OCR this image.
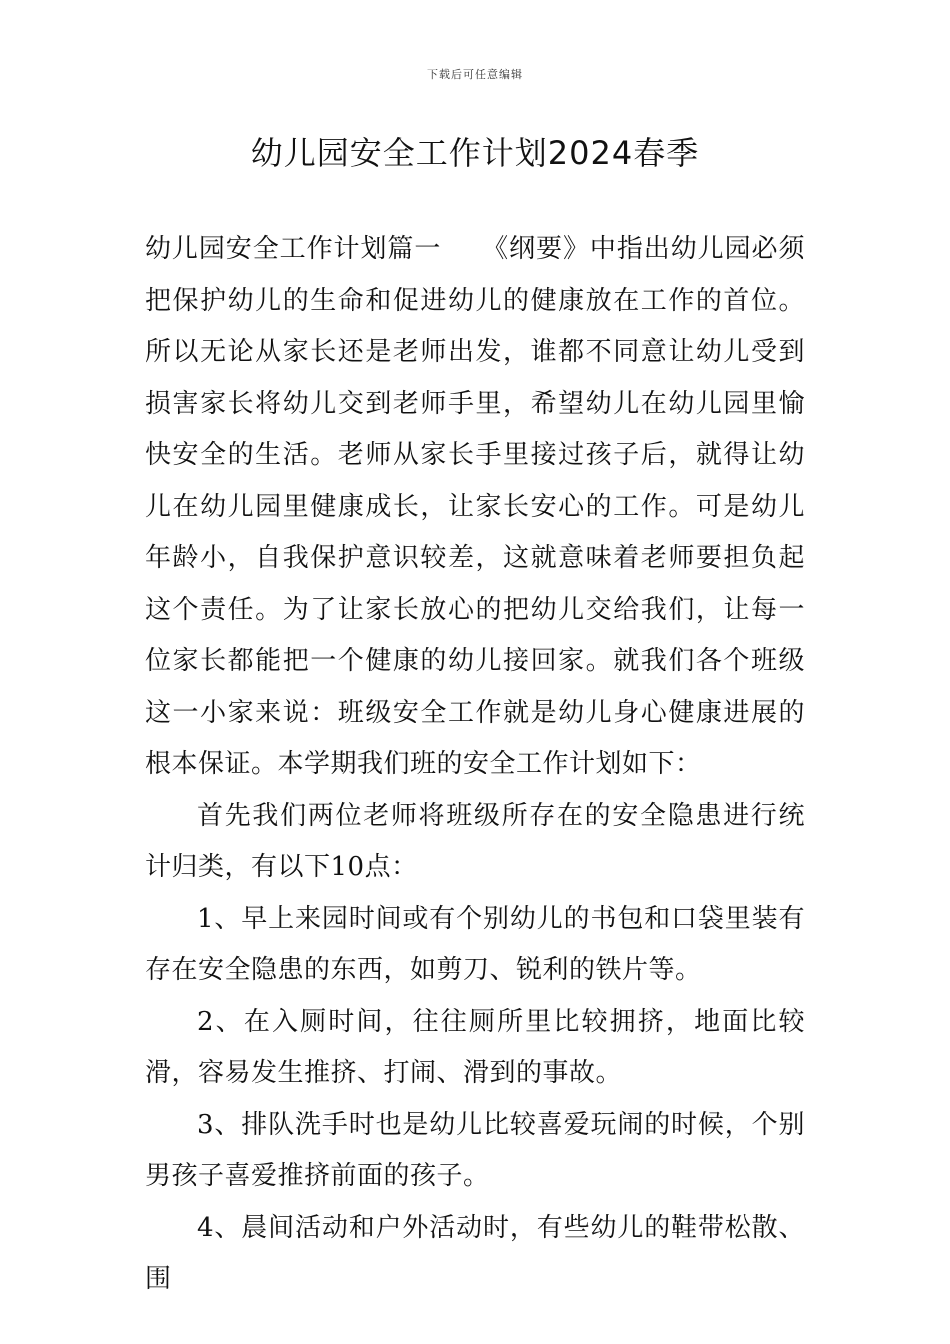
下载后可任意编辑
幼儿园安全工作计划2024春季

幼儿园安全工作计划篇一　　《纲要》中指出幼儿园必须把保护幼儿的生命和促进幼儿的健康放在工作的首位。所以无论从家长还是老师出发，谁都不同意让幼儿受到损害家长将幼儿交到老师手里，希望幼儿在幼儿园里愉快安全的生活。老师从家长手里接过孩子后，就得让幼儿在幼儿园里健康成长，让家长安心的工作。可是幼儿年龄小，自我保护意识较差，这就意味着老师要担负起这个责任。为了让家长放心的把幼儿交给我们，让每一位家长都能把一个健康的幼儿接回家。就我们各个班级这一小家来说：班级安全工作就是幼儿身心健康进展的根本保证。本学期我们班的安全工作计划如下：

首先我们两位老师将班级所存在的安全隐患进行统计归类，有以下10点：

1、早上来园时间或有个别幼儿的书包和口袋里装有存在安全隐患的东西，如剪刀、锐利的铁片等。

2、在入厕时间，往往厕所里比较拥挤，地面比较滑，容易发生推挤、打闹、滑到的事故。

3、排队洗手时也是幼儿比较喜爱玩闹的时候，个别男孩子喜爱推挤前面的孩子。

4、晨间活动和户外活动时，有些幼儿的鞋带松散、围
